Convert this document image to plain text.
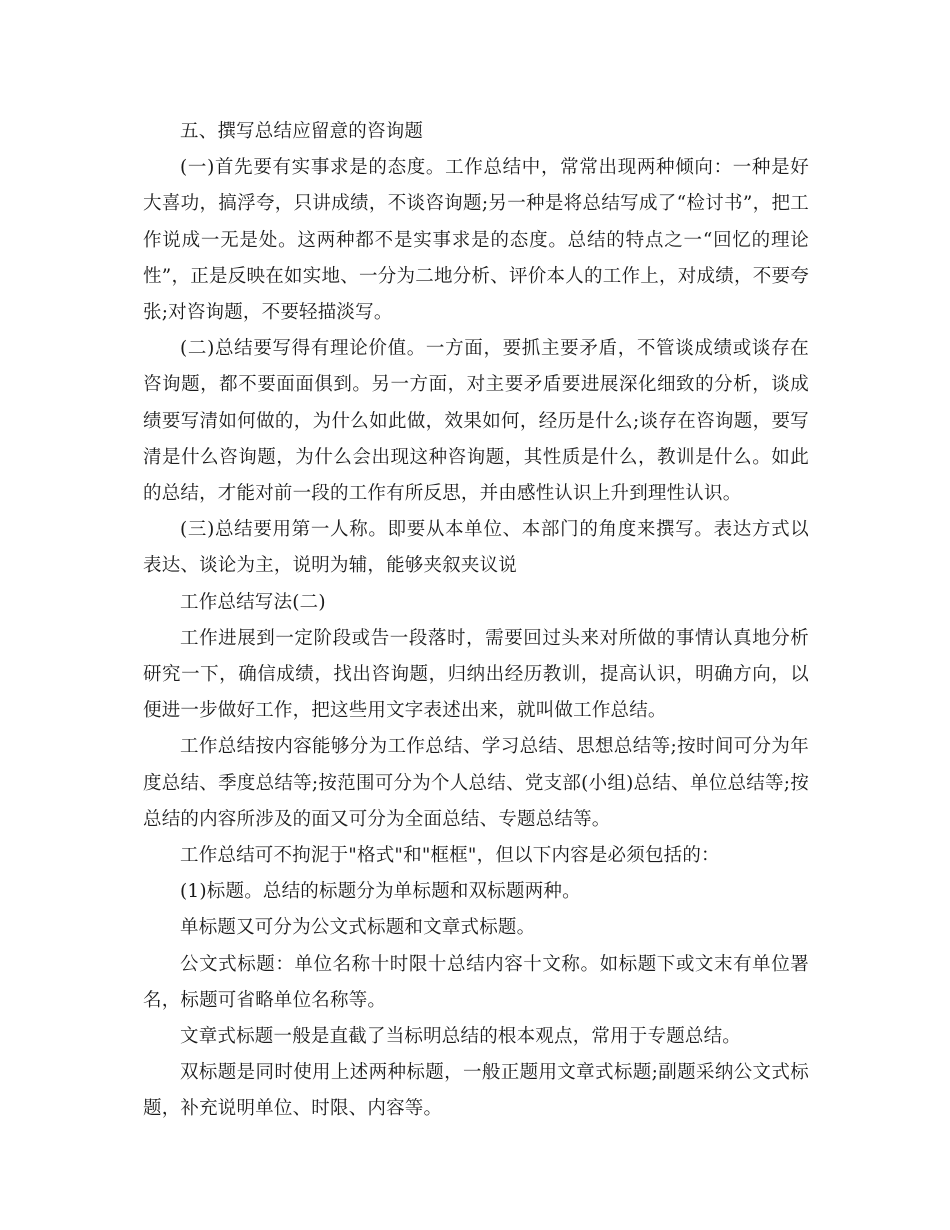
五、撰写总结应留意的咨询题

(一)首先要有实事求是的态度。工作总结中，常常出现两种倾向：一种是好大喜功，搞浮夸，只讲成绩，不谈咨询题;另一种是将总结写成了“检讨书”，把工作说成一无是处。这两种都不是实事求是的态度。总结的特点之一“回忆的理论性”，正是反映在如实地、一分为二地分析、评价本人的工作上，对成绩，不要夸张;对咨询题，不要轻描淡写。

(二)总结要写得有理论价值。一方面，要抓主要矛盾，不管谈成绩或谈存在咨询题，都不要面面俱到。另一方面，对主要矛盾要进展深化细致的分析，谈成绩要写清如何做的，为什么如此做，效果如何，经历是什么;谈存在咨询题，要写清是什么咨询题，为什么会出现这种咨询题，其性质是什么，教训是什么。如此的总结，才能对前一段的工作有所反思，并由感性认识上升到理性认识。

(三)总结要用第一人称。即要从本单位、本部门的角度来撰写。表达方式以表达、谈论为主，说明为辅，能够夹叙夹议说

工作总结写法(二)

工作进展到一定阶段或告一段落时，需要回过头来对所做的事情认真地分析研究一下，确信成绩，找出咨询题，归纳出经历教训，提高认识，明确方向，以便进一步做好工作，把这些用文字表述出来，就叫做工作总结。

工作总结按内容能够分为工作总结、学习总结、思想总结等;按时间可分为年度总结、季度总结等;按范围可分为个人总结、党支部(小组)总结、单位总结等;按总结的内容所涉及的面又可分为全面总结、专题总结等。

工作总结可不拘泥于"格式"和"框框"，但以下内容是必须包括的：

(1)标题。总结的标题分为单标题和双标题两种。

单标题又可分为公文式标题和文章式标题。

公文式标题：单位名称十时限十总结内容十文称。如标题下或文末有单位署名，标题可省略单位名称等。

文章式标题一般是直截了当标明总结的根本观点，常用于专题总结。

双标题是同时使用上述两种标题，一般正题用文章式标题;副题采纳公文式标题，补充说明单位、时限、内容等。
